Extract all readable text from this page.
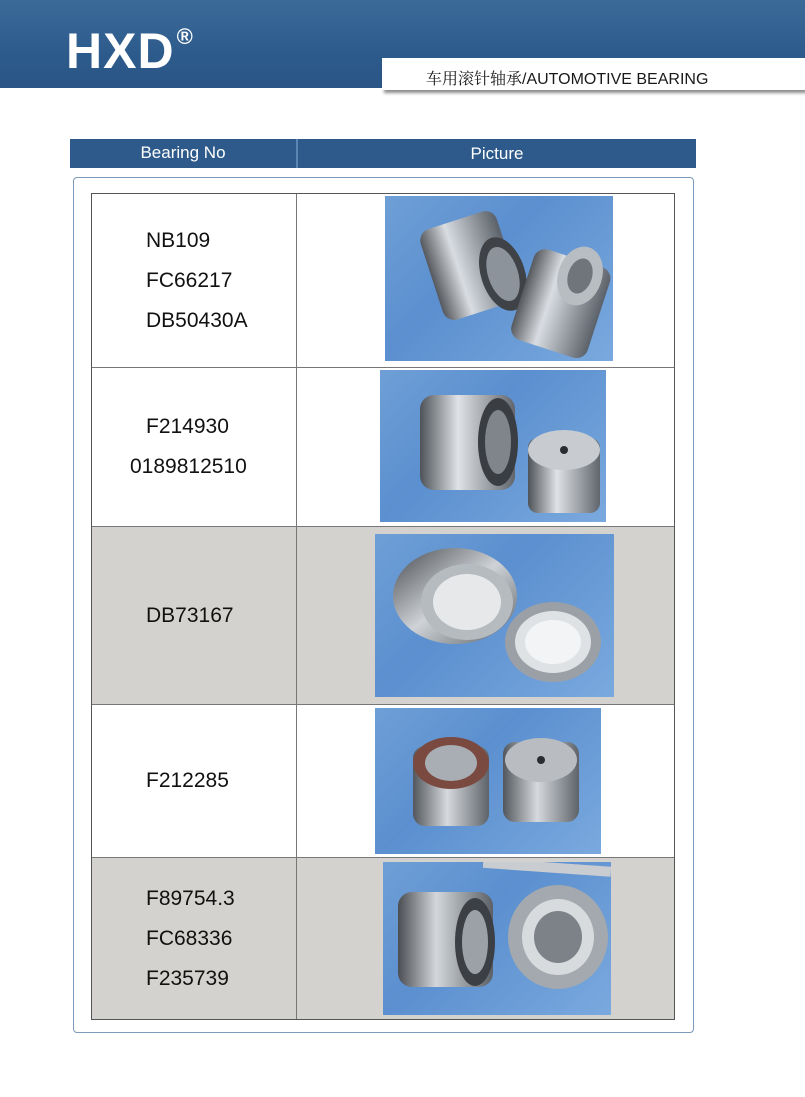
HXD®
车用滚针轴承/AUTOMOTIVE BEARING
Bearing No	Picture
NB109
FC66217
DB50430A
F214930
0189812510
DB73167
F212285
F89754.3
FC68336
F235739
